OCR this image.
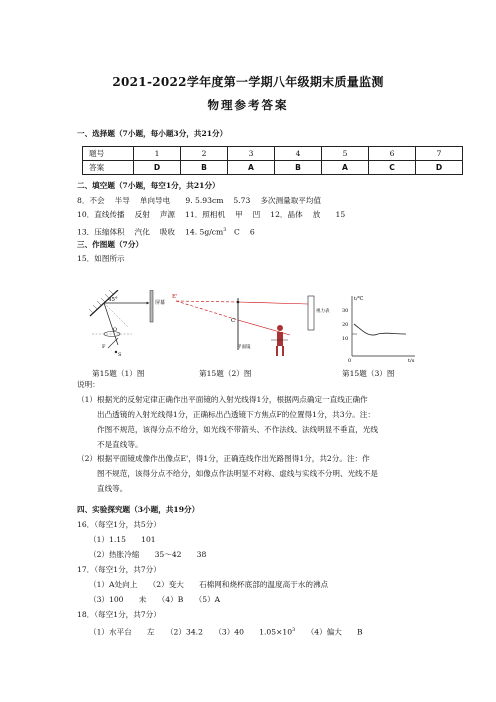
2021-2022学年度第一学期八年级期末质量监测
物理参考答案
一、选择题（7小题，每小题3分，共21分）
题号	1	2	3	4	5	6	7
答案	D	B	A	B	A	C	D
二、填空题（7小题，每空1分，共21分）
8．不会　 半导　 单向导电　　9. 5.93cm　 5.73　 多次测量取平均值
10．直线传播　 反射　 声源　 11．照相机　 甲　 凹　 12．晶体　 放　　15
13．压缩体积　 汽化　 吸收　 14. $5g/cm^3$　C　 6
三、作图题（7分）
15．如图所示
45°	屏幕
O
F
S
E'
C
平面镜
视力表
t/℃
t/s
0
30
20
10
第15题（1）图	第15题（2）图	第15题（3）图
说明：
（1）根据光的反射定律正确作出平面镜的入射光线得1分，根据两点确定一直线正确作
出凸透镜的入射光线得1分，正确标出凸透镜下方焦点F的位置得1分，共3分。注：
作图不规范，该得分点不给分，如光线不带箭头、不作法线、法线明显不垂直，光线
不是直线等。
（2）根据平面镜成像作出像点E'，得1分，正确连线作出光路图得1分，共2分。注：作
图不规范，该得分点不给分，如像点作法明显不对称、虚线与实线不分明、光线不是
直线等。
四、实验探究题（3小题，共19分）
16．（每空1分，共5分）
（1）1.15　　101
（2）热胀冷缩　　35～42　　38
17．（每空1分，共7分）
（1）A处向上　　（2）变大　　石棉网和烧杯底部的温度高于水的沸点
（3）100　　未　　（4）B　　（5）A
18．（每空1分，共7分）
（1）水平台　　左　　（2）34.2　　（3）40　　$1.05\times 10^3$　　（4）偏大　　B
